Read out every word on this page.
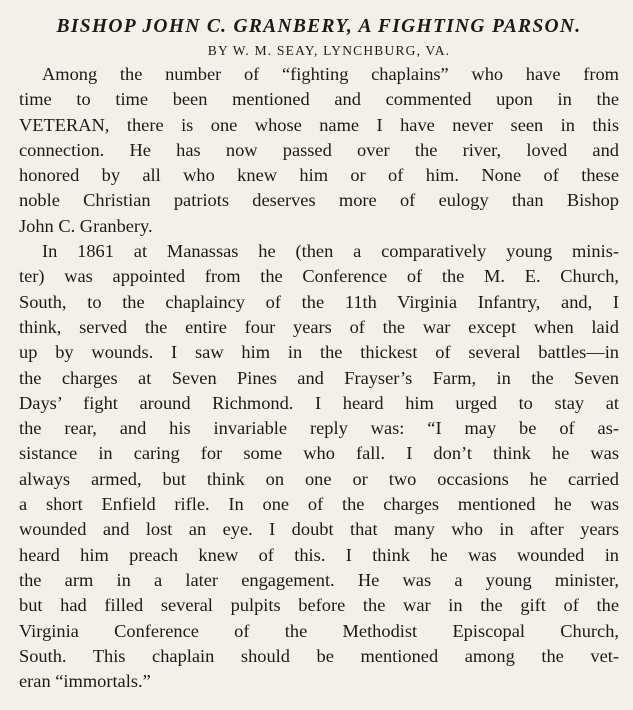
BISHOP JOHN C. GRANBERY, A FIGHTING PARSON.
BY W. M. SEAY, LYNCHBURG, VA.
Among the number of “fighting chaplains” who have from
time to time been mentioned and commented upon in the
VETERAN, there is one whose name I have never seen in this
connection. He has now passed over the river, loved and
honored by all who knew him or of him. None of these
noble Christian patriots deserves more of eulogy than Bishop
John C. Granbery.
In 1861 at Manassas he (then a comparatively young minis-
ter) was appointed from the Conference of the M. E. Church,
South, to the chaplaincy of the 11th Virginia Infantry, and, I
think, served the entire four years of the war except when laid
up by wounds. I saw him in the thickest of several battles—in
the charges at Seven Pines and Frayser’s Farm, in the Seven
Days’ fight around Richmond. I heard him urged to stay at
the rear, and his invariable reply was: “I may be of as-
sistance in caring for some who fall. I don’t think he was
always armed, but think on one or two occasions he carried
a short Enfield rifle. In one of the charges mentioned he was
wounded and lost an eye. I doubt that many who in after years
heard him preach knew of this. I think he was wounded in
the arm in a later engagement. He was a young minister,
but had filled several pulpits before the war in the gift of the
Virginia Conference of the Methodist Episcopal Church,
South. This chaplain should be mentioned among the vet-
eran “immortals.”
